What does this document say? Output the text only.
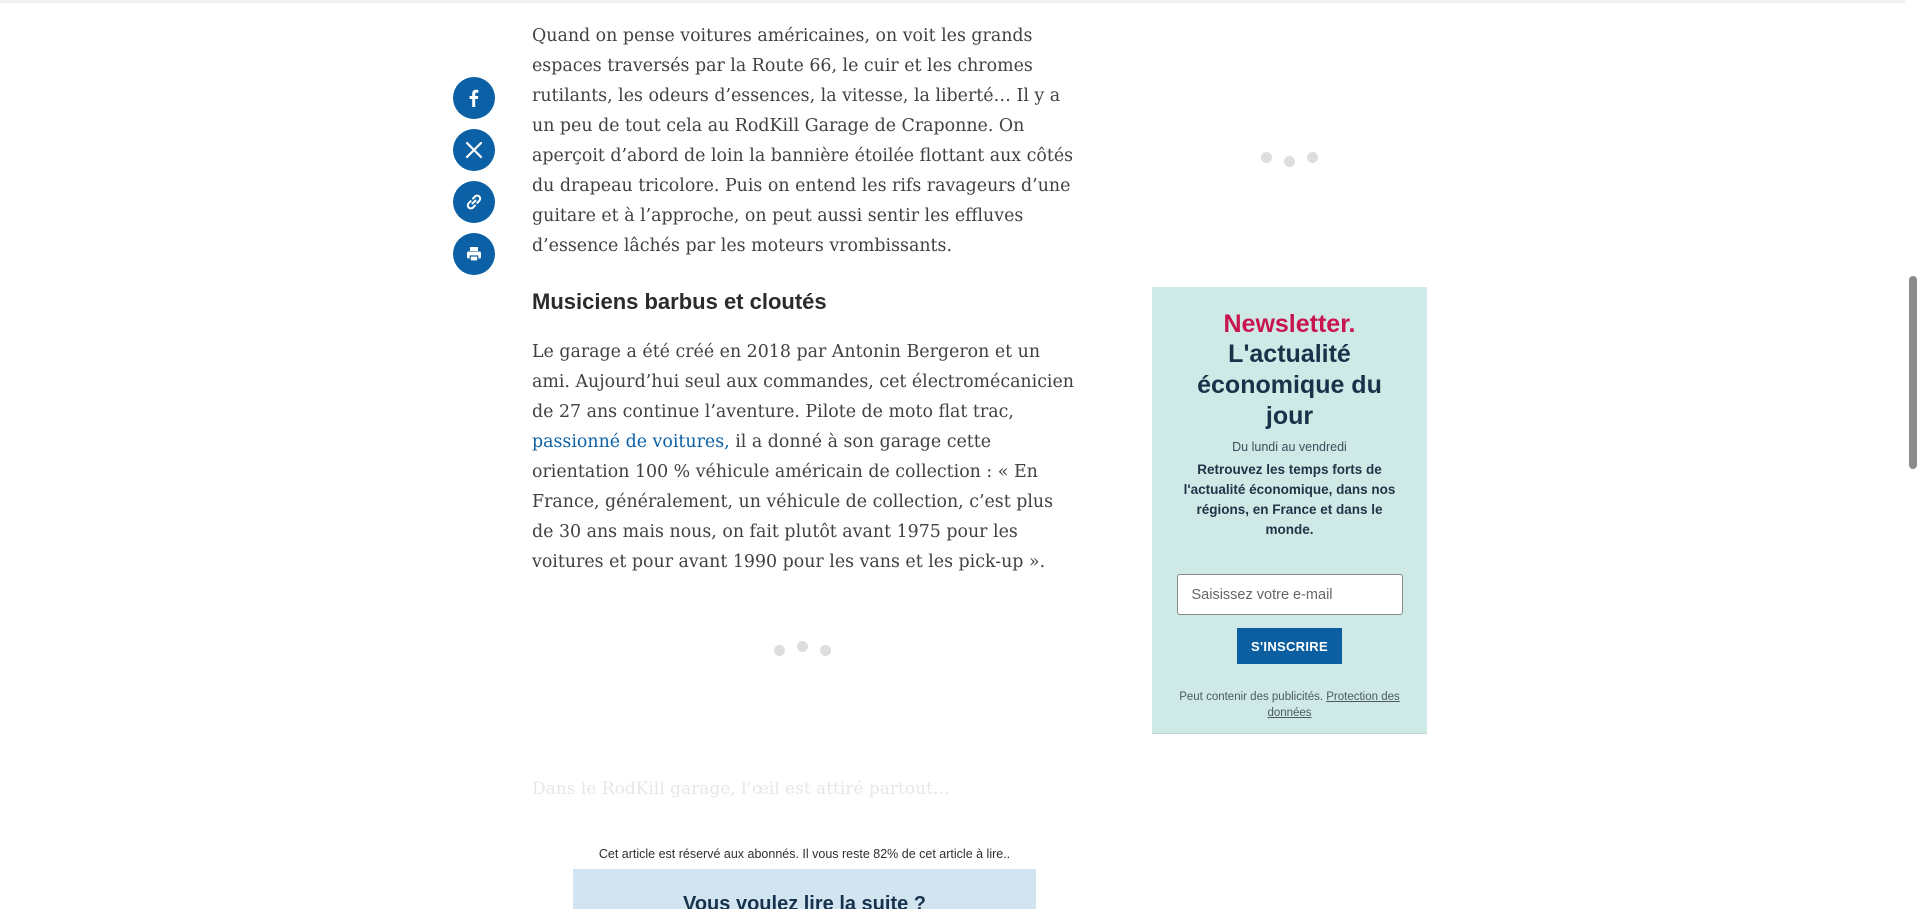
Quand on pense voitures américaines, on voit les grands espaces traversés par la Route 66, le cuir et les chromes rutilants, les odeurs d’essences, la vitesse, la liberté… Il y a un peu de tout cela au RodKill Garage de Craponne. On aperçoit d’abord de loin la bannière étoilée flottant aux côtés du drapeau tricolore. Puis on entend les rifs ravageurs d’une guitare et à l’approche, on peut aussi sentir les effluves d’essence lâchés par les moteurs vrombissants.

Musiciens barbus et cloutés

Le garage a été créé en 2018 par Antonin Bergeron et un ami. Aujourd’hui seul aux commandes, cet électromécanicien de 27 ans continue l’aventure. Pilote de moto flat trac, passionné de voitures, il a donné à son garage cette orientation 100 % véhicule américain de collection : « En France, généralement, un véhicule de collection, c’est plus de 30 ans mais nous, on fait plutôt avant 1975 pour les voitures et pour avant 1990 pour les vans et les pick-up ».

Dans le RodKill garage, l’œil est attiré partout…
Cet article est réservé aux abonnés. Il vous reste 82% de cet article à lire..
Vous voulez lire la suite ?
Newsletter.
L'actualité économique du jour
Du lundi au vendredi
Retrouvez les temps forts de l'actualité économique, dans nos régions, en France et dans le monde.
Saisissez votre e-mail
S'INSCRIRE
Peut contenir des publicités. Protection des données
